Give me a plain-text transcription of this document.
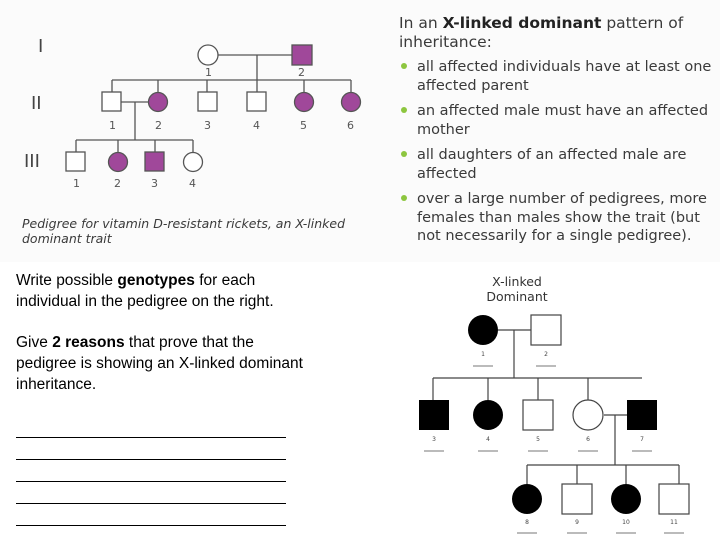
I
II
III
1	2
1	2	3	4	5	6
1	2	3	4
Pedigree for vitamin D-resistant rickets, an X-linked dominant trait
In an X-linked dominant pattern of inheritance:
all affected individuals have at least one affected parent
an affected male must have an affected mother
all daughters of an affected male are affected
over a large number of pedigrees, more females than males show the trait (but not necessarily for a single pedigree).

Write possible genotypes for each individual in the pedigree on the right.

Give 2 reasons that prove that the pedigree is showing an X-linked dominant inheritance.

X-linked
Dominant
1	2
3	4	5	6	7
8	9	10	11
